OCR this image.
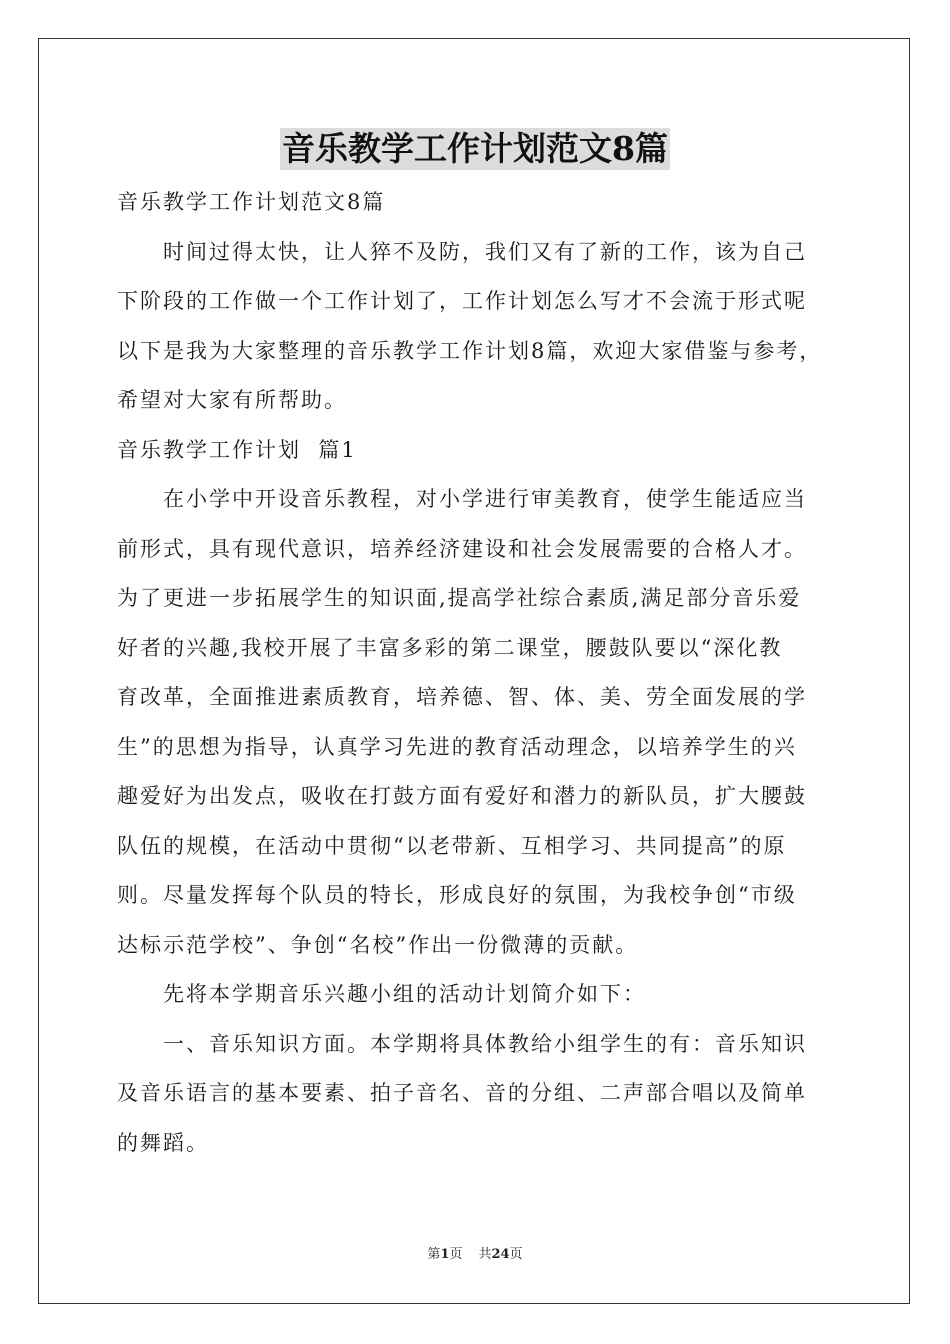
音乐教学工作计划范文8篇
音乐教学工作计划范文8篇
时间过得太快，让人猝不及防，我们又有了新的工作，该为自己
下阶段的工作做一个工作计划了，工作计划怎么写才不会流于形式呢
以下是我为大家整理的音乐教学工作计划8篇，欢迎大家借鉴与参考，
希望对大家有所帮助。
音乐教学工作计划  篇1
在小学中开设音乐教程，对小学进行审美教育，使学生能适应当
前形式，具有现代意识，培养经济建设和社会发展需要的合格人才。
为了更进一步拓展学生的知识面,提高学社综合素质,满足部分音乐爱
好者的兴趣,我校开展了丰富多彩的第二课堂，腰鼓队要以“深化教
育改革，全面推进素质教育，培养德、智、体、美、劳全面发展的学
生”的思想为指导，认真学习先进的教育活动理念，以培养学生的兴
趣爱好为出发点，吸收在打鼓方面有爱好和潜力的新队员，扩大腰鼓
队伍的规模，在活动中贯彻“以老带新、互相学习、共同提高”的原
则。尽量发挥每个队员的特长，形成良好的氛围，为我校争创“市级
达标示范学校”、争创“名校”作出一份微薄的贡献。
先将本学期音乐兴趣小组的活动计划简介如下：
一、音乐知识方面。本学期将具体教给小组学生的有：音乐知识
及音乐语言的基本要素、拍子音名、音的分组、二声部合唱以及简单
的舞蹈。
第1页 共24页
